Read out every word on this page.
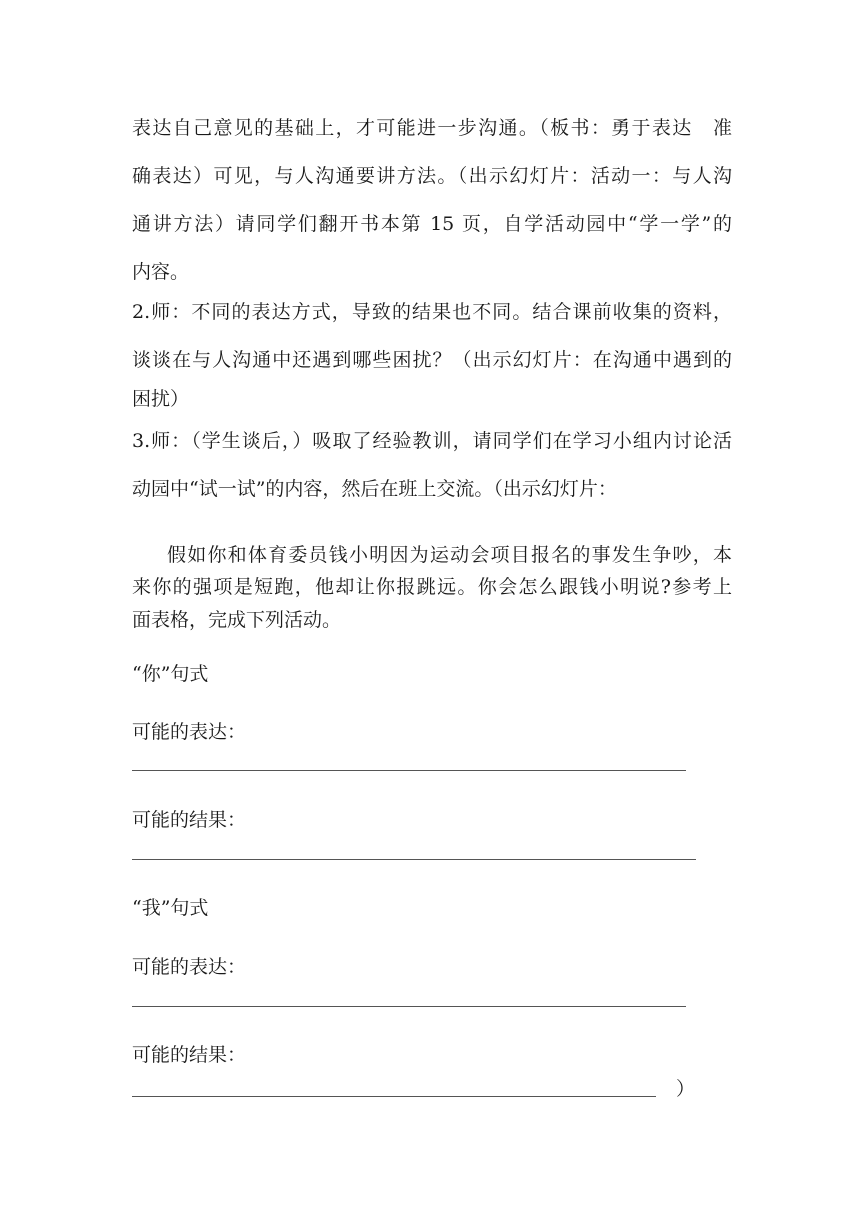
表达自己意见的基础上，才可能进一步沟通。（板书：勇于表达　准
确表达）可见，与人沟通要讲方法。（出示幻灯片：活动一：与人沟
通讲方法）请同学们翻开书本第 15 页，自学活动园中“学一学”的
内容。
2.师：不同的表达方式，导致的结果也不同。结合课前收集的资料，
谈谈在与人沟通中还遇到哪些困扰？（出示幻灯片：在沟通中遇到的
困扰）
3.师：（学生谈后，）吸取了经验教训，请同学们在学习小组内讨论活
动园中“试一试”的内容，然后在班上交流。（出示幻灯片：
假如你和体育委员钱小明因为运动会项目报名的事发生争吵，本
来你的强项是短跑，他却让你报跳远。你会怎么跟钱小明说?参考上
面表格，完成下列活动。
“你”句式
可能的表达：
可能的结果：
“我”句式
可能的表达：
可能的结果：
）
